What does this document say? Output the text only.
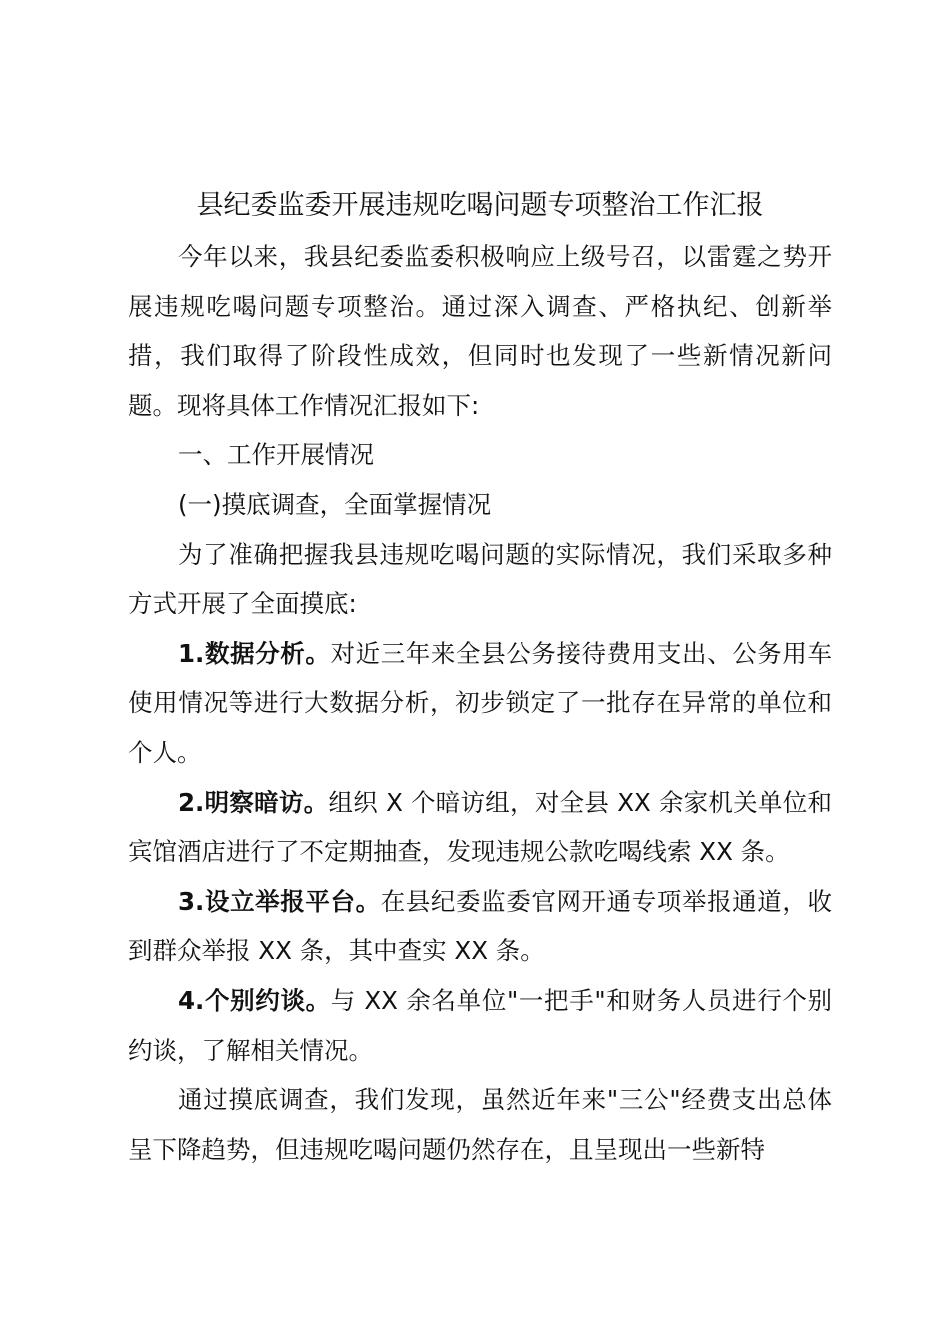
县纪委监委开展违规吃喝问题专项整治工作汇报

今年以来，我县纪委监委积极响应上级号召，以雷霆之势开展违规吃喝问题专项整治。通过深入调查、严格执纪、创新举措，我们取得了阶段性成效，但同时也发现了一些新情况新问题。现将具体工作情况汇报如下:

一、工作开展情况

(一)摸底调查，全面掌握情况

为了准确把握我县违规吃喝问题的实际情况，我们采取多种方式开展了全面摸底:

1.数据分析。对近三年来全县公务接待费用支出、公务用车使用情况等进行大数据分析，初步锁定了一批存在异常的单位和个人。

2.明察暗访。组织 X 个暗访组，对全县 XX 余家机关单位和宾馆酒店进行了不定期抽查，发现违规公款吃喝线索 XX 条。

3.设立举报平台。在县纪委监委官网开通专项举报通道，收到群众举报 XX 条，其中查实 XX 条。

4.个别约谈。与 XX 余名单位"一把手"和财务人员进行个别约谈，了解相关情况。

通过摸底调查，我们发现，虽然近年来"三公"经费支出总体呈下降趋势，但违规吃喝问题仍然存在，且呈现出一些新特
